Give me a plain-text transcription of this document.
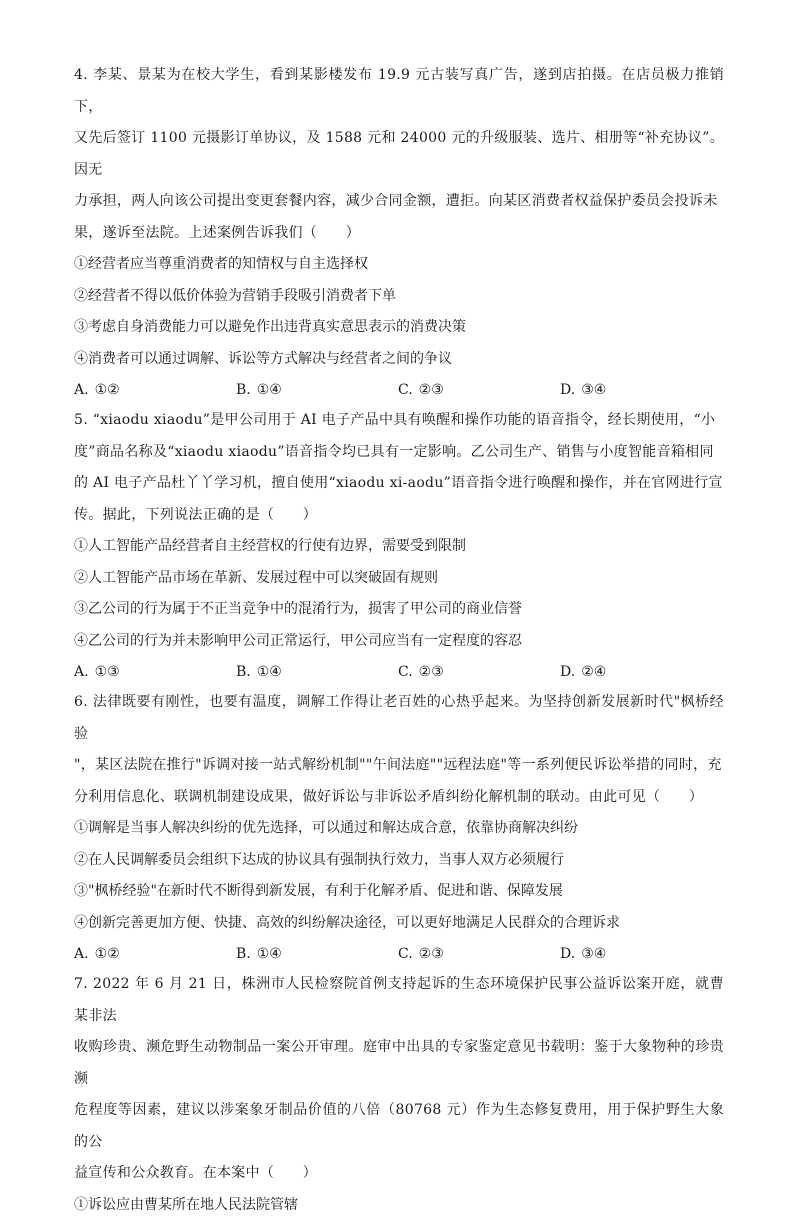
4. 李某、景某为在校大学生，看到某影楼发布 19.9 元古装写真广告，遂到店拍摄。在店员极力推销下，

又先后签订 1100 元摄影订单协议，及 1588 元和 24000 元的升级服装、选片、相册等“补充协议”。因无

力承担，两人向该公司提出变更套餐内容，减少合同金额，遭拒。向某区消费者权益保护委员会投诉未

果，遂诉至法院。上述案例告诉我们（　　）

①经营者应当尊重消费者的知情权与自主选择权

②经营者不得以低价体验为营销手段吸引消费者下单

③考虑自身消费能力可以避免作出违背真实意思表示的消费决策

④消费者可以通过调解、诉讼等方式解决与经营者之间的争议

A. ①②	B. ①④	C. ②③	D. ③④

5. “xiaodu xiaodu”是甲公司用于 AI 电子产品中具有唤醒和操作功能的语音指令，经长期使用，“小

度”商品名称及“xiaodu xiaodu”语音指令均已具有一定影响。乙公司生产、销售与小度智能音箱相同

的 AI 电子产品杜丫丫学习机，擅自使用“xiaodu xi-aodu”语音指令进行唤醒和操作，并在官网进行宣

传。据此，下列说法正确的是（　　）

①人工智能产品经营者自主经营权的行使有边界，需要受到限制

②人工智能产品市场在革新、发展过程中可以突破固有规则

③乙公司的行为属于不正当竞争中的混淆行为，损害了甲公司的商业信誉

④乙公司的行为并未影响甲公司正常运行，甲公司应当有一定程度的容忍

A. ①③	B. ①④	C. ②③	D. ②④

6. 法律既要有刚性，也要有温度，调解工作得让老百姓的心热乎起来。为坚持创新发展新时代"枫桥经验

"，某区法院在推行"诉调对接一站式解纷机制""午间法庭""远程法庭"等一系列便民诉讼举措的同时，充

分利用信息化、联调机制建设成果，做好诉讼与非诉讼矛盾纠纷化解机制的联动。由此可见（　　）

①调解是当事人解决纠纷的优先选择，可以通过和解达成合意，依靠协商解决纠纷

②在人民调解委员会组织下达成的协议具有强制执行效力，当事人双方必须履行

③"枫桥经验"在新时代不断得到新发展，有利于化解矛盾、促进和谐、保障发展

④创新完善更加方便、快捷、高效的纠纷解决途径，可以更好地满足人民群众的合理诉求

A. ①②	B. ①④	C. ②③	D. ③④

7. 2022 年 6 月 21 日，株洲市人民检察院首例支持起诉的生态环境保护民事公益诉讼案开庭，就曹某非法

收购珍贵、濒危野生动物制品一案公开审理。庭审中出具的专家鉴定意见书载明：鉴于大象物种的珍贵濒

危程度等因素，建议以涉案象牙制品价值的八倍（80768 元）作为生态修复费用，用于保护野生大象的公

益宣传和公众教育。在本案中（　　）

①诉讼应由曹某所在地人民法院管辖
